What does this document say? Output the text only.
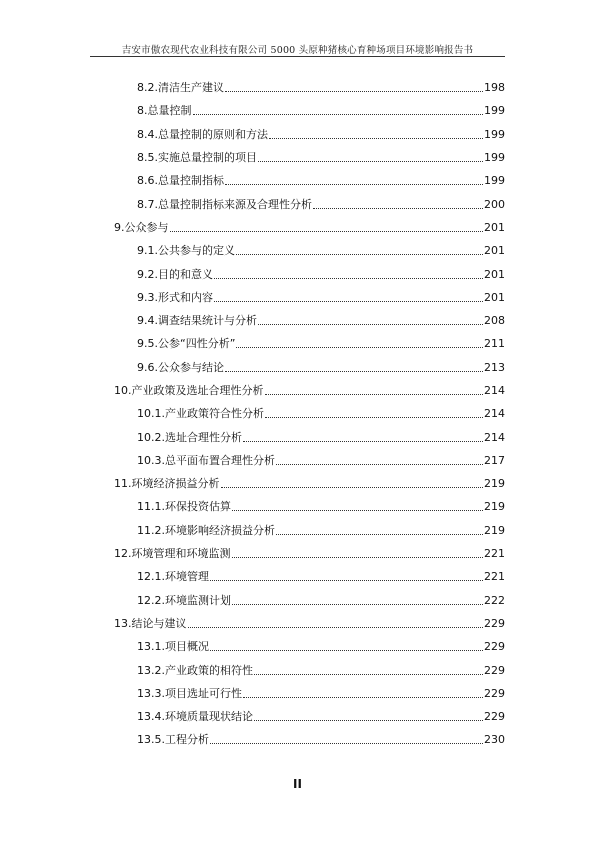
吉安市傲农现代农业科技有限公司 5000 头原种猪核心育种场项目环境影响报告书
8.2.清洁生产建议	198
8.总量控制	199
8.4.总量控制的原则和方法	199
8.5.实施总量控制的项目	199
8.6.总量控制指标	199
8.7.总量控制指标来源及合理性分析	200
9.公众参与	201
9.1.公共参与的定义	201
9.2.目的和意义	201
9.3.形式和内容	201
9.4.调查结果统计与分析	208
9.5.公参“四性分析”	211
9.6.公众参与结论	213
10.产业政策及选址合理性分析	214
10.1.产业政策符合性分析	214
10.2.选址合理性分析	214
10.3.总平面布置合理性分析	217
11.环境经济损益分析	219
11.1.环保投资估算	219
11.2.环境影响经济损益分析	219
12.环境管理和环境监测	221
12.1.环境管理	221
12.2.环境监测计划	222
13.结论与建议	229
13.1.项目概况	229
13.2.产业政策的相符性	229
13.3.项目选址可行性	229
13.4.环境质量现状结论	229
13.5.工程分析	230
II
